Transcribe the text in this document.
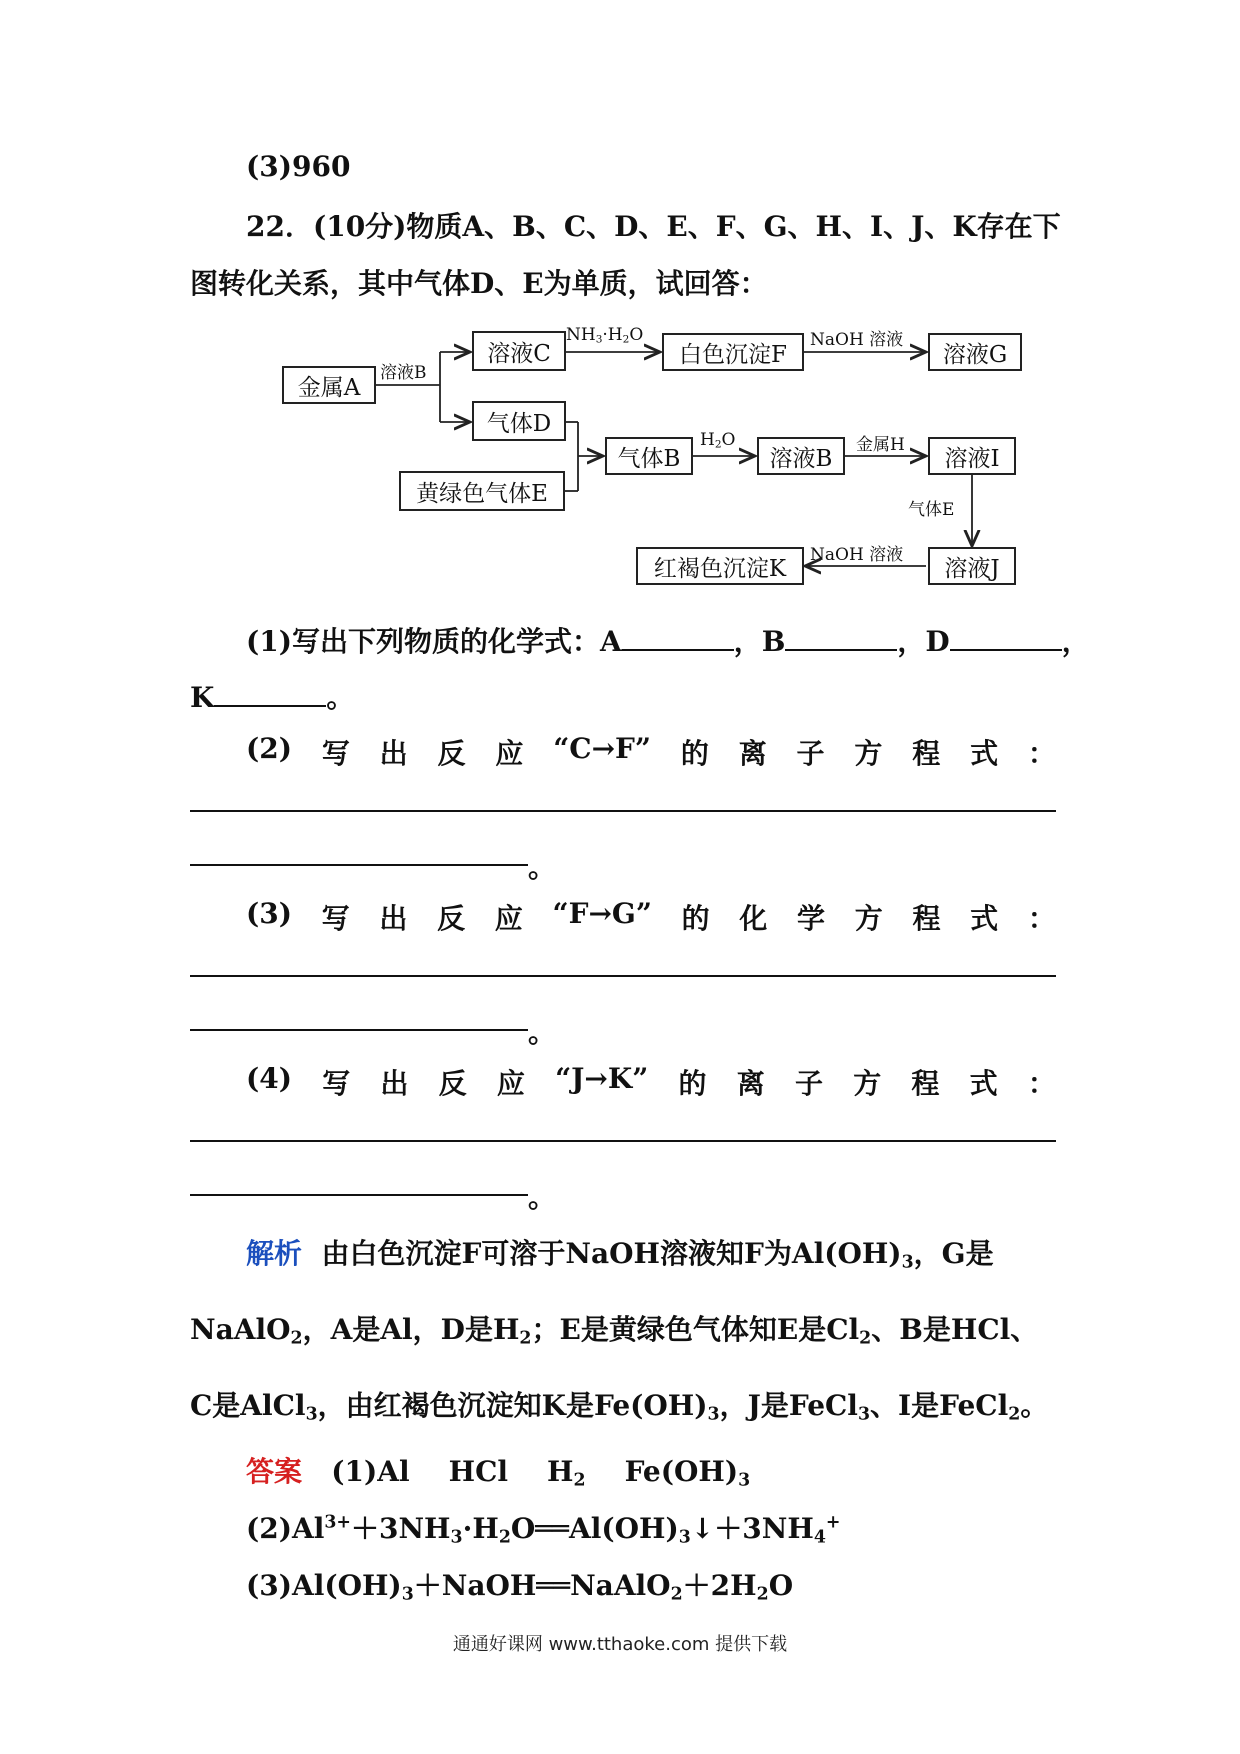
(3)960
22．(10分)物质A、B、C、D、E、F、G、H、I、J、K存在下
图转化关系，其中气体D、E为单质，试回答：
金属A
溶液C	白色沉淀F	溶液G
气体D
黄绿色气体E
气体B	溶液B	溶液I
溶液J
红褐色沉淀K
溶液B
$NH_3\cdot H_2O$	NaOH 溶液
$H_2O$	金属H
气体E
NaOH 溶液
(1)写出下列物质的化学式：A	，B	，D	，
K	。
(2) 写 出 反 应 “C→F” 的 离 子 方 程 式 ：
。
(3) 写 出 反 应 “F→G” 的 化 学 方 程 式 ：
。
(4) 写 出 反 应 “J→K” 的 离 子 方 程 式 ：
。
解析 由白色沉淀F可溶于NaOH溶液知F为$Al(OH)_3$，G是
NaAlO$_2$，A是Al，D是$H_2$；E是黄绿色气体知E是$Cl_2$、B是HCl、
C是AlCl$_3$，由红褐色沉淀知K是$Fe(OH)_3$，J是FeCl$_3$、I是FeCl$_2$。
答案 (1)Al HCl $H_2$ $Fe(OH)_3$
$(2)Al^{3+}+3NH_3\cdot H_2O══Al(OH)_3↓+3NH_4^+$
$(3)Al(OH)_3+NaOH══NaAlO_2+2H_2O$
通通好课网 www.tthaoke.com 提供下载
